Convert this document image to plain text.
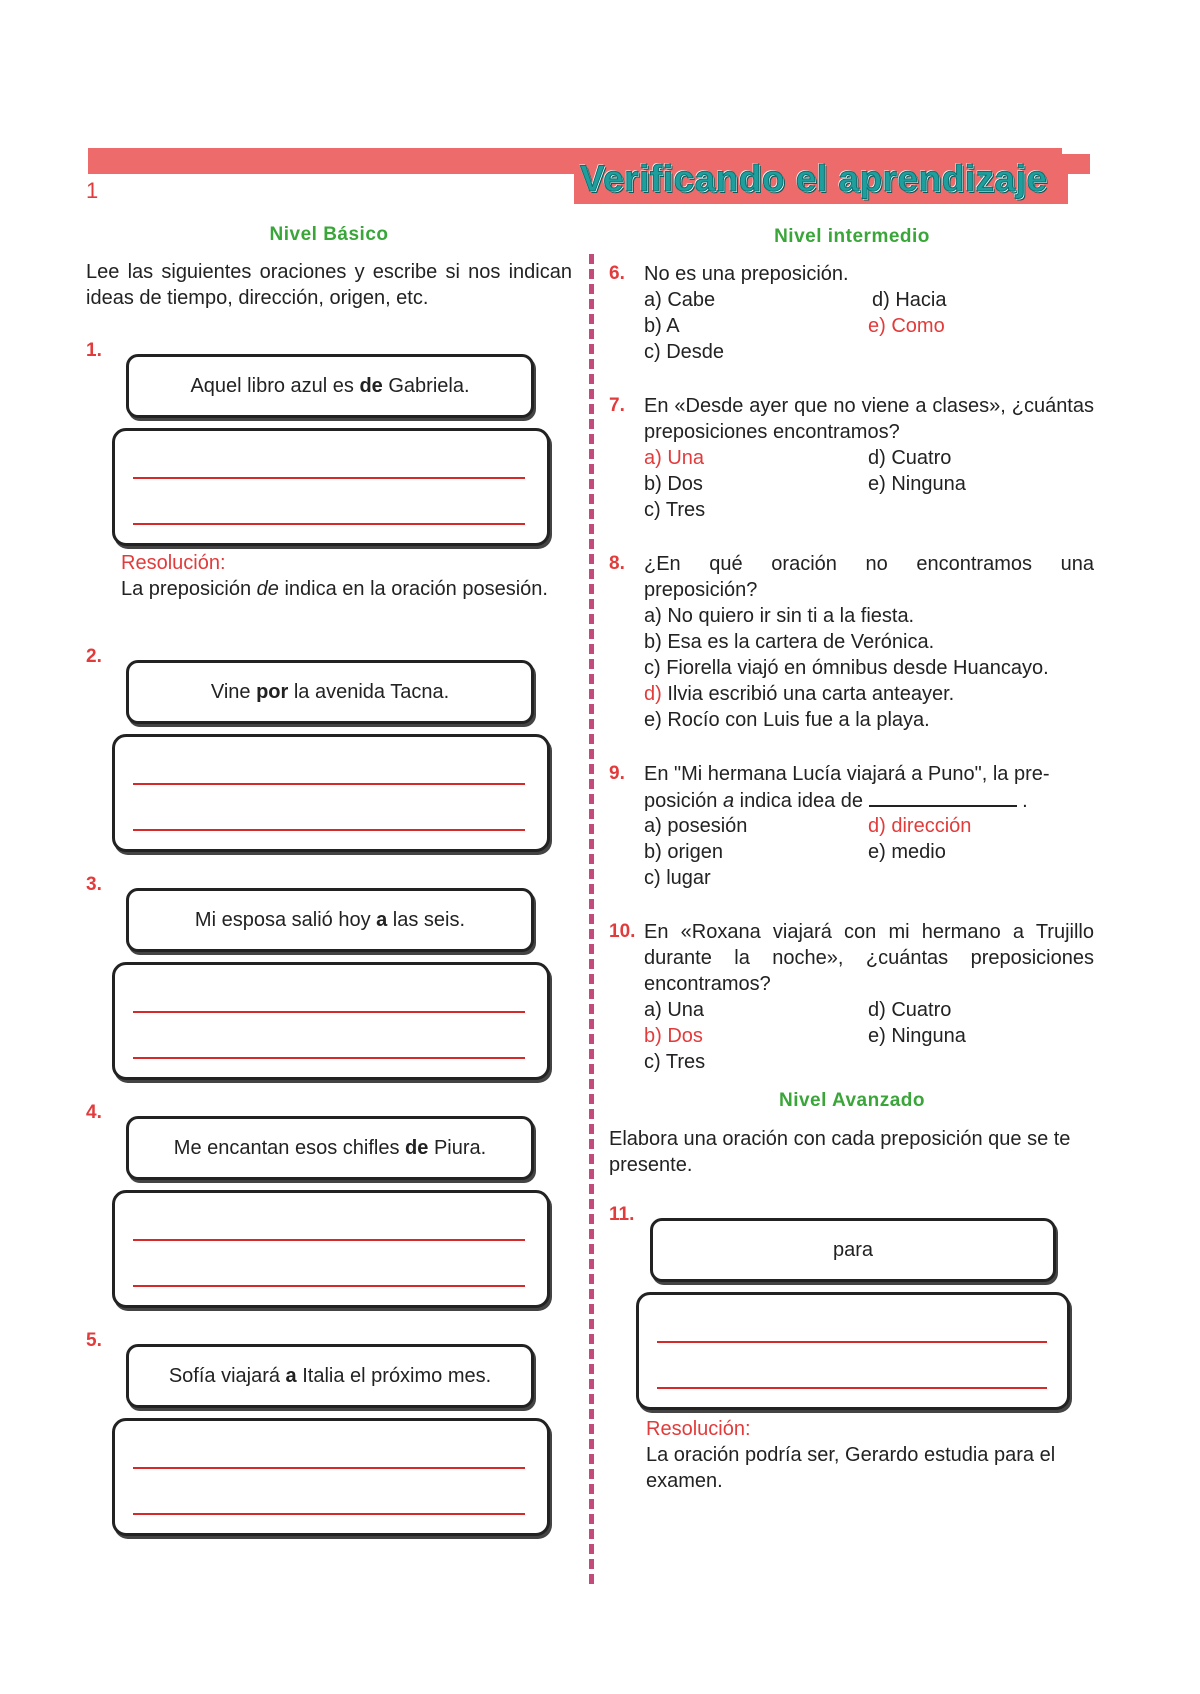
1	Verificando el aprendizaje
Nivel Básico
Lee las siguientes oraciones y escribe si nos indican ideas de tiempo, dirección, origen, etc.
1.
Aquel libro azul es de Gabriela.
Resolución:
La preposición de indica en la oración posesión.
2.
Vine por la avenida Tacna.
3.
Mi esposa salió hoy a las seis.
4.
Me encantan esos chifles de Piura.
5.
Sofía viajará a Italia el próximo mes.
Nivel intermedio
6. No es una preposición.
a) Cabe
b) A
c) Desde
d) Hacia
e) Como
7. En «Desde ayer que no viene a clases», ¿cuántas preposiciones encontramos?
a) Una
b) Dos
c) Tres
d) Cuatro
e) Ninguna
8. ¿En qué oración no encontramos una preposición?
a) No quiero ir sin ti a la fiesta.
b) Esa es la cartera de Verónica.
c) Fiorella viajó en ómnibus desde Huancayo.
d) Ilvia escribió una carta anteayer.
e) Rocío con Luis fue a la playa.
9. En "Mi hermana Lucía viajará a Puno", la pre-posición a indica idea de	.
a) posesión
b) origen
c) lugar
d) dirección
e) medio
10. En «Roxana viajará con mi hermano a Trujillo durante la noche», ¿cuántas preposiciones encontramos?
a) Una
b) Dos
c) Tres
d) Cuatro
e) Ninguna
Nivel Avanzado
Elabora una oración con cada preposición que se te presente.
11.
para
Resolución:
La oración podría ser, Gerardo estudia para el examen.
